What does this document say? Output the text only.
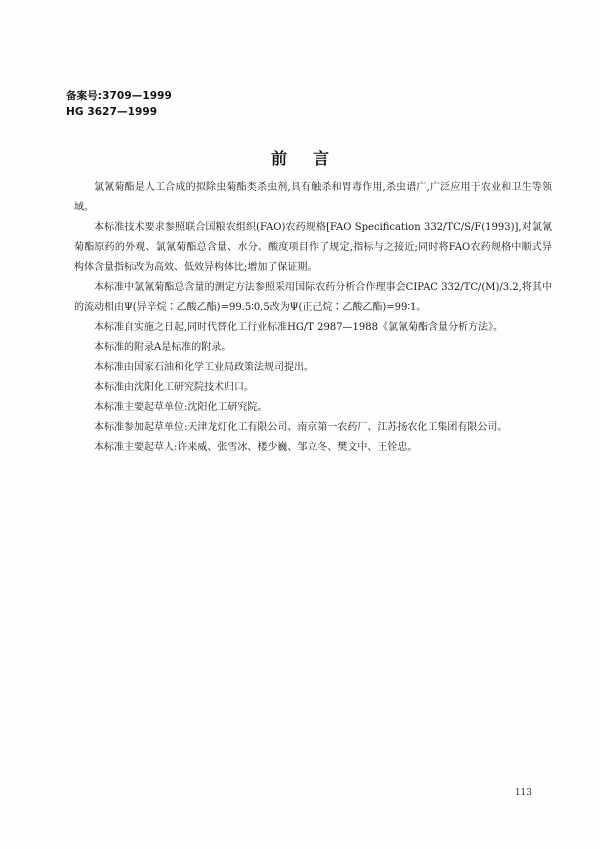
备案号:3709—1999
HG 3627—1999
前言

氯氰菊酯是人工合成的拟除虫菊酯类杀虫剂,具有触杀和胃毒作用,杀虫谱广,广泛应用于农业和卫生等领域。

本标准技术要求参照联合国粮农组织(FAO)农药规格[FAO Specification 332/TC/S/F(1993)],对氯氰菊酯原药的外观、氯氰菊酯总含量、水分、酸度项目作了规定,指标与之接近;同时将FAO农药规格中顺式异构体含量指标改为高效、低效异构体比;增加了保证期。

本标准中氯氰菊酯总含量的测定方法参照采用国际农药分析合作理事会CIPAC 332/TC/(M)/3.2,将其中的流动相由Ψ(异辛烷∶乙酸乙酯)=99.5∶0.5改为Ψ(正己烷∶乙酸乙酯)=99∶1。

本标准自实施之日起,同时代替化工行业标准HG/T 2987—1988《氯氰菊酯含量分析方法》。

本标准的附录A是标准的附录。

本标准由国家石油和化学工业局政策法规司提出。

本标准由沈阳化工研究院技术归口。

本标准主要起草单位:沈阳化工研究院。

本标准参加起草单位:天津龙灯化工有限公司、南京第一农药厂、江苏扬农化工集团有限公司。

本标准主要起草人:许来威、张雪冰、楼少巍、邹立冬、樊文中、王铨忠。

113
